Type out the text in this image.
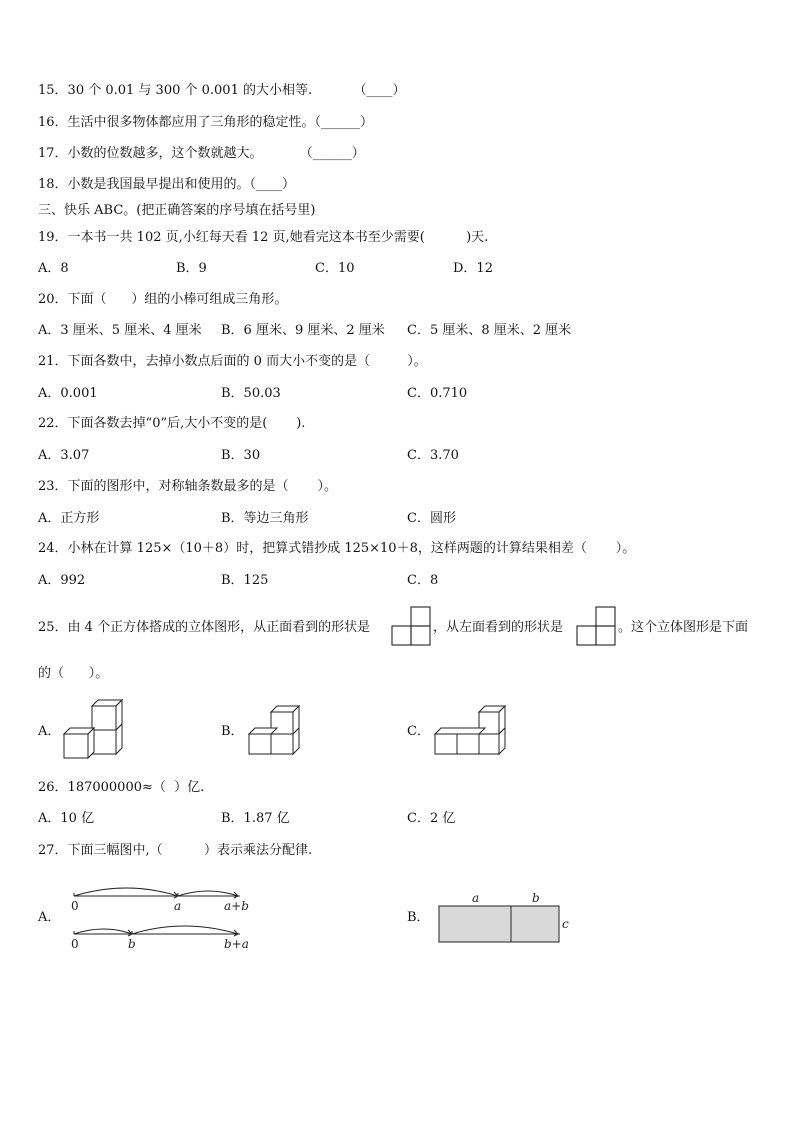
15．30 个 0.01 与 300 个 0.001 的大小相等.          （____）
16．生活中很多物体都应用了三角形的稳定性。（______）
17．小数的位数越多，这个数就越大。         （______）
18．小数是我国最早提出和使用的。（____）
三、快乐 ABC。(把正确答案的序号填在括号里)
19．一本书一共 102 页,小红每天看 12 页,她看完这本书至少需要(          )天.
A．8	B．9	C．10	D．12
20．下面（      ）组的小棒可组成三角形。
A．3 厘米、5 厘米、4 厘米 B．6 厘米、9 厘米、2 厘米 C．5 厘米、8 厘米、2 厘米
21．下面各数中，去掉小数点后面的 0 而大小不变的是（         ）。
A．0.001	B．50.03	C．0.710
22．下面各数去掉“0”后,大小不变的是(       ).
A．3.07	B．30	C．3.70
23．下面的图形中，对称轴条数最多的是（       ）。
A．正方形	B．等边三角形	C．圆形
24．小林在计算 125×（10＋8）时，把算式错抄成 125×10＋8，这样两题的计算结果相差（       ）。
A．992	B．125	C．8
25．由 4 个正方体搭成的立体图形，从正面看到的形状是	，从左面看到的形状是	。这个立体图形是下面
的（      ）。
A．	B．	C．
26．187000000≈（  ）亿.
A．10 亿	B．1.87 亿	C．2 亿
27．下面三幅图中,（          ）表示乘法分配律.
A．
0	a	a+b
0	b	b+a
B．
a	b
c
